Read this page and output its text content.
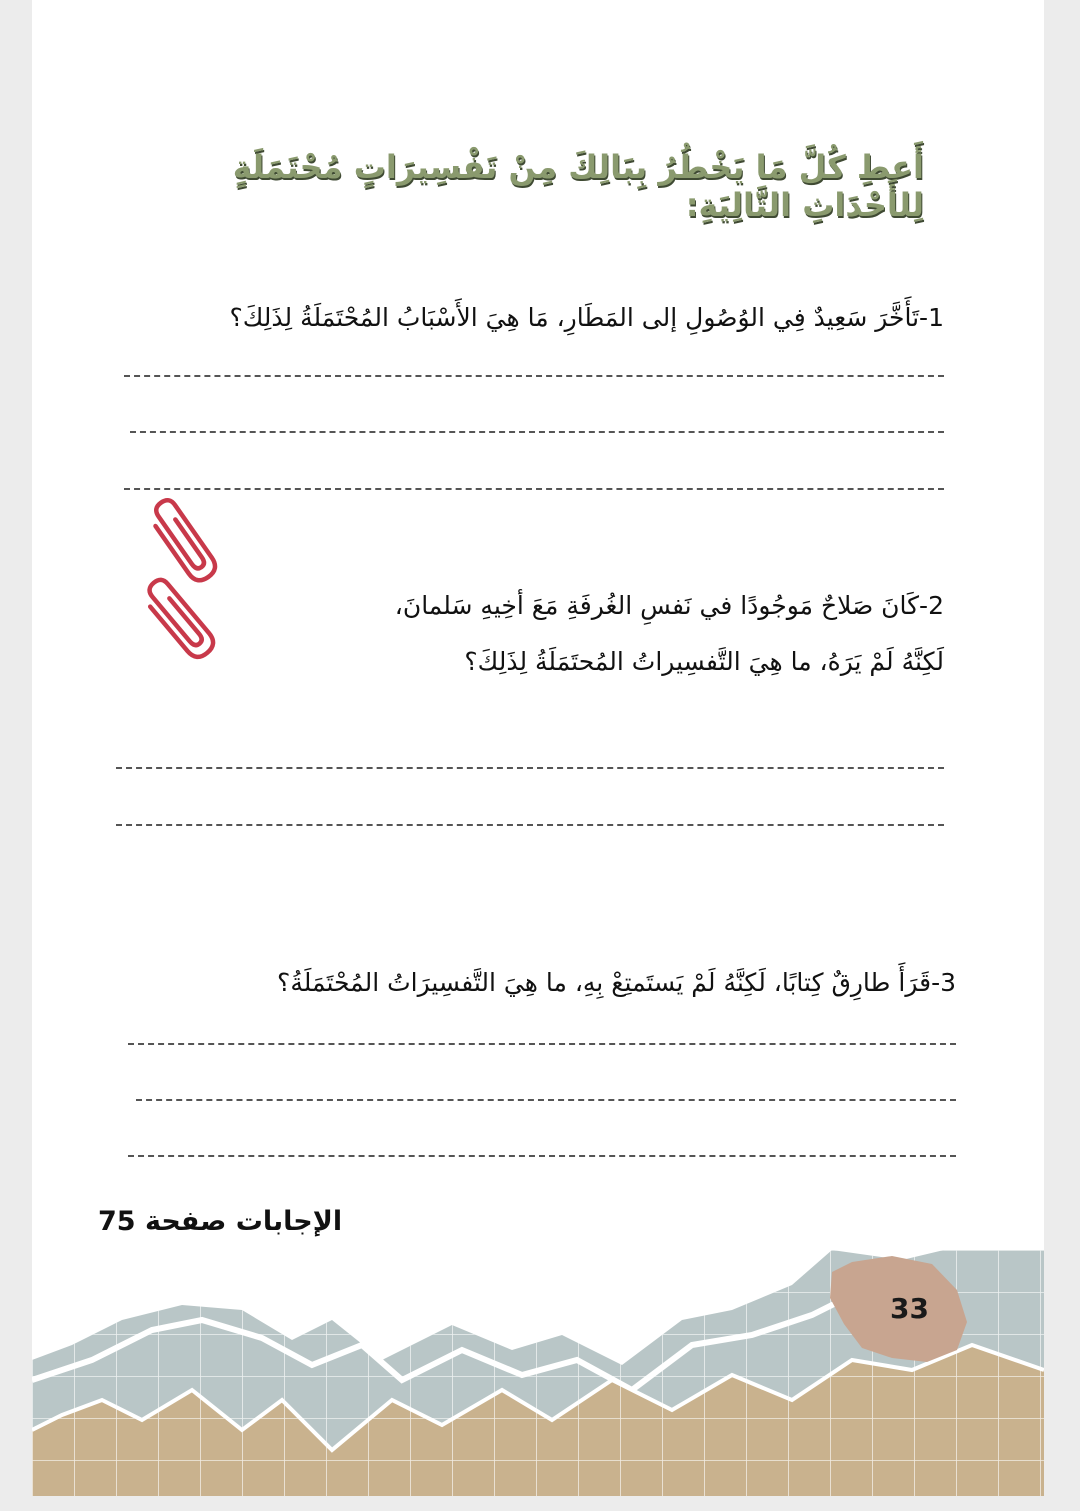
أَعطِ كُلَّ مَا يَخْطُرُ بِبَالِكَ مِنْ تَفْسِيرَاتٍ مُحْتَمَلَةٍ لِلأَحْدَاثِ التَّالِيَةِ:
1-تَأَخَّرَ سَعِيدٌ فِي الوُصُولِ إلى المَطَارِ، مَا هِيَ الأَسْبَابُ المُحْتَمَلَةُ لِذَلِكَ؟
2-كَانَ صَلاحٌ مَوجُودًا في نَفسِ الغُرفَةِ مَعَ أخِيهِ سَلمانَ،
لَكِنَّهُ لَمْ يَرَهُ، ما هِيَ التَّفسِيراتُ المُحتَمَلَةُ لِذَلِكَ؟
3-قَرَأَ طارِقٌ كِتابًا، لَكِنَّهُ لَمْ يَستَمتِعْ بِهِ، ما هِيَ التَّفسِيرَاتُ المُحْتَمَلَةُ؟
الإجابات صفحة 75
33
